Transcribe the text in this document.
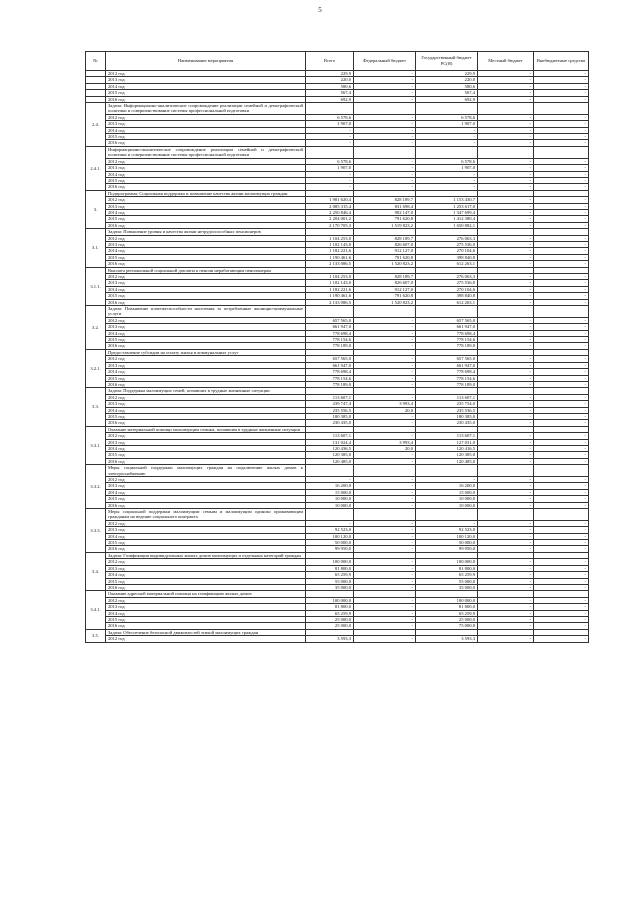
5
№	Наименование мероприятия	Всего	Федеральный бюджет	Государственный бюджет РС(Я)	Местный бюджет	Внебюджетные средства
	2012 год	229,9	-	229,9	-	-
	2013 год	220,0	-	220,0	-	-
	2014 год	580,6	-	580,6	-	-
	2015 год	567,4	-	567,4	-	-
	2016 год	692,9	-	692,9	-	-
2.4.	Задача: Информационно-аналитическое сопровождение реализации семейной и демографической политики и совершенствование системы профессиональной подготовки					
	2012 год	6 578,6	-	6 578,6	-	-
	2013 год	1 907,0	-	1 907,0	-	-
	2014 год	-	-	-	-	-
	2015 год	-	-	-	-	-
	2016 год	-	-	-	-	-
2.4.1.	Информационно-аналитическое сопровождение реализации семейной и демографической политики и совершенствование системы профессиональной подготовки					
	2012 год	6 578,6	-	6 578,6	-	-
	2013 год	1 907,0	-	1 907,0	-	-
	2014 год	-	-	-	-	-
	2015 год	-	-	-	-	-
	2016 год	-	-	-	-	-
3.	Подпрограмма: Социальная поддержка и повышение качества жизни малоимущих граждан					
	2012 год	1 981 620,4	828 189,7	1 153 430,7	-	-
	2013 год	2 085 315,4	831 698,4	1 253 617,0	-	-
	2014 год	2 250 846,4	902 147,0	1 347 699,4	-	-
	2015 год	2 204 001,2	791 620,8	1 412 380,4	-	-
	2016 год	2 170 705,3	1 519 823,2	1 650 882,1	-	-
3.1.	Задача: Повышение уровня и качества жизни нетрудоспособных пенсионеров					
	2012 год	1 104 253,0	828 189,7	276 063,3	-	-
	2013 год	1 102 143,0	826 607,0	275 536,0	-	-
	2014 год	1 182 221,6	912 127,0	270 104,6	-	-
	2015 год	1 190 461,6	791 620,8	398 840,8	-	-
	2016 год	2 133 086,5	1 520 823,2	612 263,1	-	-
3.1.1.	Выплата региональной социальной доплаты к пенсии неработающим пенсионерам					
	2012 год	1 104 253,0	828 189,7	276 063,3	-	-
	2013 год	1 102 143,0	826 607,0	275 536,0	-	-
	2014 год	1 182 221,6	912 127,0	270 104,6	-	-
	2015 год	1 190 461,6	791 620,8	398 840,8	-	-
	2016 год	2 133 086,5	1 520 823,2	612 263,1	-	-
3.2.	Задача: Повышение платежеспособности населения за потребленные жилищно-коммунальные услуги					
	2012 год	657 565,0	-	657 565,0	-	-
	2013 год	661 947,0	-	661 947,0	-	-
	2014 год	778 698,4	-	778 698,4	-	-
	2015 год	778 154,6	-	778 154,6	-	-
	2016 год	778 189,0	-	778 189,0	-	-
3.2.1.	Предоставление субсидии на оплату жилья и коммунальных услуг					
	2012 год	657 565,0	-	657 565,0	-	-
	2013 год	661 947,0	-	661 947,0	-	-
	2014 год	778 698,4	-	778 698,4	-	-
	2015 год	778 154,6	-	778 154,6	-	-
	2016 год	778 189,0	-	778 189,0	-	-
3.3.	Задача: Поддержка малоимущих семей, попавших в трудные жизненные ситуации					
	2012 год	113 607,1	-	113 607,1	-	-
	2013 год	239 747,4	3 993,4	235 754,0	-	-
	2014 год	235 556,5	20,0	235 536,5	-	-
	2015 год	180 385,0	-	180 385,0	-	-
	2016 год	230 435,0	-	230 435,0	-	-
3.3.1.	Оказание материальной помощи малоимущим семьям, попавшим в трудные жизненные ситуации					
	2012 год	113 607,1	-	113 607,1	-	-
	2013 год	131 024,4	3 993,4	127 031,0	-	-
	2014 год	120 436,5	20,0	120 416,5	-	-
	2015 год	120 385,0	-	120 385,0	-	-
	2016 год	120 485,0	-	120 485,0	-	-
3.3.2.	Меры социальной поддержки малоимущих граждан на подключение жилых домов к электроснабжению					
	2012 год	-	-	-	-	-
	2013 год	16 200,0	-	16 200,0	-	-
	2014 год	15 000,0	-	15 000,0	-	-
	2015 год	10 000,0	-	10 000,0	-	-
	2016 год	10 000,0	-	10 000,0	-	-
3.3.3.	Меры социальной поддержки малоимущим семьям и малоимущим одиноко проживающим гражданам на ведение социального контракта					
	2012 год	-	-	-	-	-
	2013 год	92 523,0	-	92 523,0	-	-
	2014 год	100 120,0	-	100 120,0	-	-
	2015 год	50 000,0	-	50 000,0	-	-
	2016 год	99 950,0	-	99 950,0	-	-
3.4.	Задача: Газификация индивидуальных жилых домов малоимущих и отдельных категорий граждан					
	2012 год	100 000,0	-	100 000,0	-	-
	2013 год	81 800,0	-	81 800,0	-	-
	2014 год	65 259,9	-	65 259,9	-	-
	2015 год	55 000,0	-	55 000,0	-	-
	2016 год	35 000,0	-	35 000,0	-	-
3.4.1.	Оказание адресной материальной помощи на газификацию жилых домов					
	2012 год	100 000,0	-	100 000,0	-	-
	2013 год	81 800,0	-	81 800,0	-	-
	2014 год	65 259,9	-	65 259,9	-	-
	2015 год	25 000,0	-	25 000,0	-	-
	2016 год	25 000,0	-	75 000,0	-	-
3.5.	Задача: Обеспечение безопасной движимостей этикой малоимущих граждан					
	2012 год	3 593,3	-	3 593,3	-	-
